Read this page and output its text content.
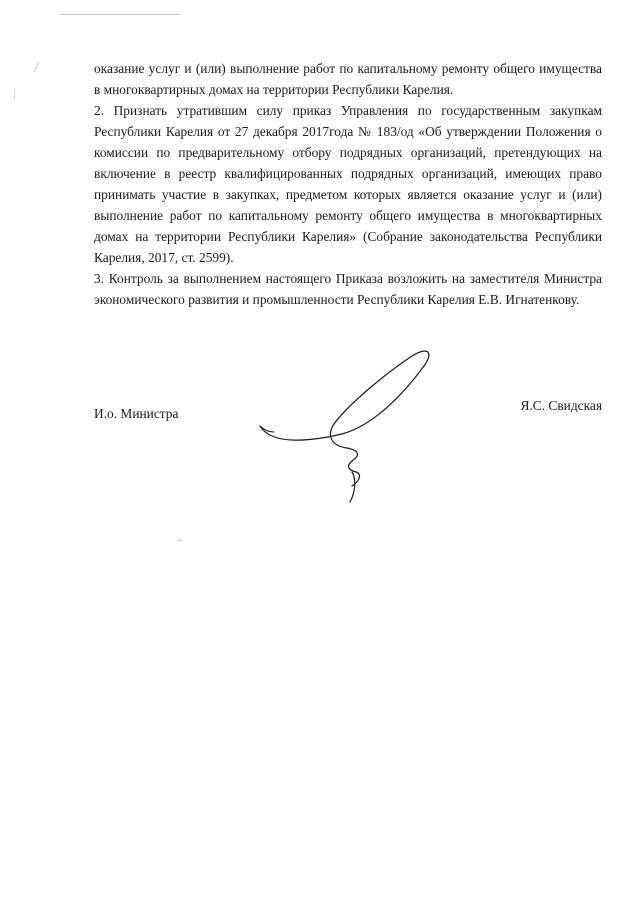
оказание услуг и (или) выполнение работ по капитальному ремонту общего имущества в многоквартирных домах на территории Республики Карелия.

2. Признать утратившим силу приказ Управления по государственным закупкам Республики Карелия от 27 декабря 2017года № 183/од «Об утверждении Положения о комиссии по предварительному отбору подрядных организаций, претендующих на включение в реестр квалифицированных подрядных организаций, имеющих право принимать участие в закупках, предметом которых является оказание услуг и (или) выполнение работ по капитальному ремонту общего имущества в многоквартирных домах на территории Республики Карелия» (Собрание законодательства Республики Карелия, 2017, ст. 2599).

3. Контроль за выполнением настоящего Приказа возложить на заместителя Министра экономического развития и промышленности Республики Карелия Е.В. Игнатенкову.

И.о. Министра
Я.С. Свидская
